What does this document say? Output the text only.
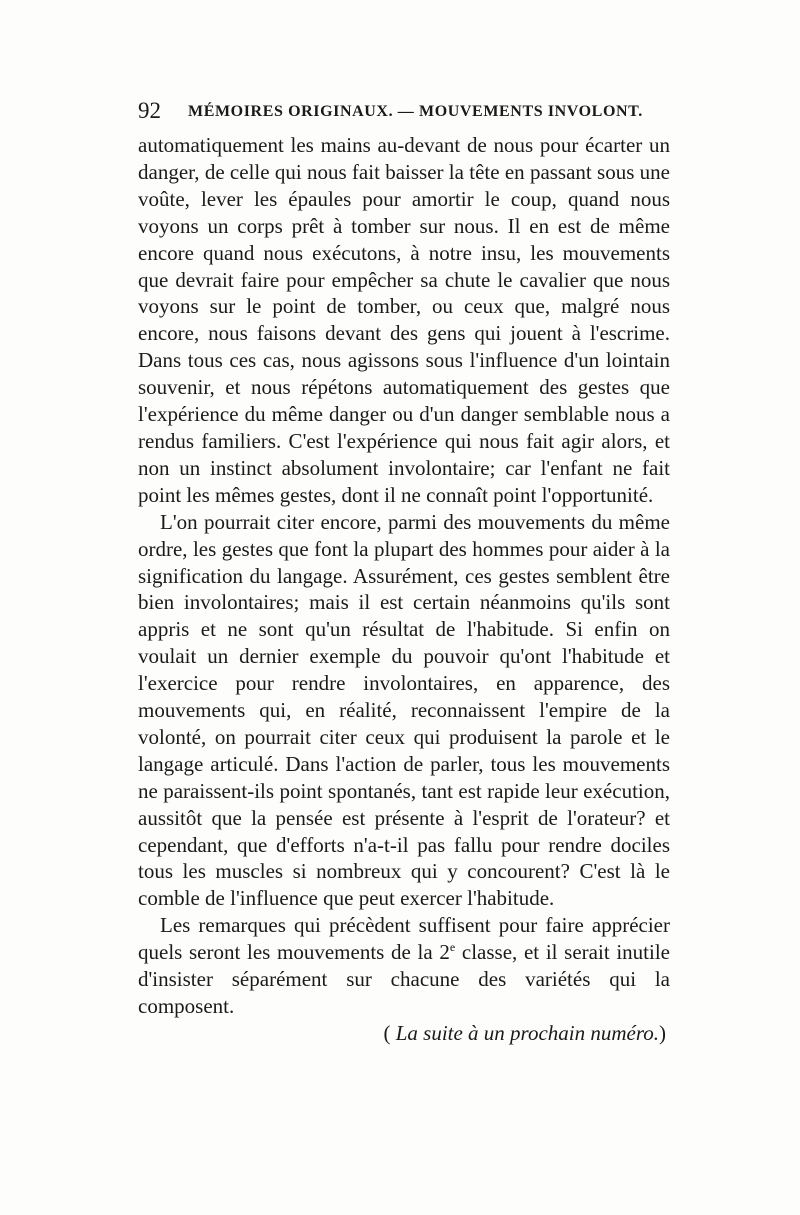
92 MÉMOIRES ORIGINAUX. — MOUVEMENTS INVOLONT.

automatiquement les mains au-devant de nous pour écarter un danger, de celle qui nous fait baisser la tête en passant sous une voûte, lever les épaules pour amortir le coup, quand nous voyons un corps prêt à tomber sur nous. Il en est de même encore quand nous exécutons, à notre insu, les mouvements que devrait faire pour empêcher sa chute le cavalier que nous voyons sur le point de tomber, ou ceux que, malgré nous encore, nous faisons devant des gens qui jouent à l'escrime. Dans tous ces cas, nous agissons sous l'influence d'un lointain souvenir, et nous répétons automatiquement des gestes que l'expérience du même danger ou d'un danger semblable nous a rendus familiers. C'est l'expérience qui nous fait agir alors, et non un instinct absolument involontaire; car l'enfant ne fait point les mêmes gestes, dont il ne connaît point l'opportunité.

L'on pourrait citer encore, parmi des mouvements du même ordre, les gestes que font la plupart des hommes pour aider à la signification du langage. Assurément, ces gestes semblent être bien involontaires; mais il est certain néanmoins qu'ils sont appris et ne sont qu'un résultat de l'habitude. Si enfin on voulait un dernier exemple du pouvoir qu'ont l'habitude et l'exercice pour rendre involontaires, en apparence, des mouvements qui, en réalité, reconnaissent l'empire de la volonté, on pourrait citer ceux qui produisent la parole et le langage articulé. Dans l'action de parler, tous les mouvements ne paraissent-ils point spontanés, tant est rapide leur exécution, aussitôt que la pensée est présente à l'esprit de l'orateur? et cependant, que d'efforts n'a-t-il pas fallu pour rendre dociles tous les muscles si nombreux qui y concourent? C'est là le comble de l'influence que peut exercer l'habitude.

Les remarques qui précèdent suffisent pour faire apprécier quels seront les mouvements de la 2e classe, et il serait inutile d'insister séparément sur chacune des variétés qui la composent.

( La suite à un prochain numéro.)
